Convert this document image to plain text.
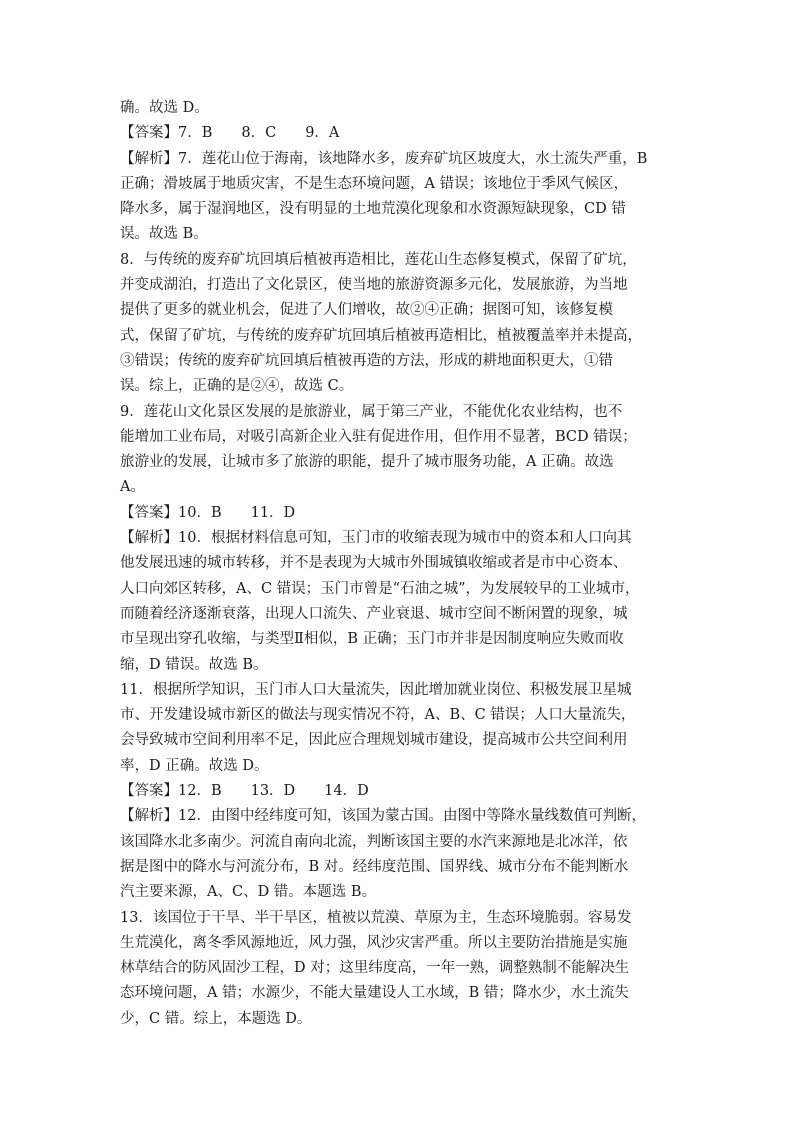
确。故选 D。
【答案】7．B　　8．C　　9．A
【解析】7．莲花山位于海南，该地降水多，废弃矿坑区坡度大，水土流失严重，B
正确；滑坡属于地质灾害，不是生态环境问题，A 错误；该地位于季风气候区，
降水多，属于湿润地区，没有明显的土地荒漠化现象和水资源短缺现象，CD 错
误。故选 B。
8．与传统的废弃矿坑回填后植被再造相比，莲花山生态修复模式，保留了矿坑，
并变成湖泊，打造出了文化景区，使当地的旅游资源多元化，发展旅游，为当地
提供了更多的就业机会，促进了人们增收，故②④正确；据图可知，该修复模
式，保留了矿坑，与传统的废弃矿坑回填后植被再造相比，植被覆盖率并未提高，
③错误；传统的废弃矿坑回填后植被再造的方法，形成的耕地面积更大，①错
误。综上，正确的是②④，故选 C。
9．莲花山文化景区发展的是旅游业，属于第三产业，不能优化农业结构，也不
能增加工业布局，对吸引高新企业入驻有促进作用，但作用不显著，BCD 错误；
旅游业的发展，让城市多了旅游的职能，提升了城市服务功能，A 正确。故选
A。
【答案】10．B　　11．D
【解析】10．根据材料信息可知，玉门市的收缩表现为城市中的资本和人口向其
他发展迅速的城市转移，并不是表现为大城市外围城镇收缩或者是市中心资本、
人口向郊区转移，A、C 错误；玉门市曾是“石油之城”，为发展较早的工业城市，
而随着经济逐渐衰落，出现人口流失、产业衰退、城市空间不断闲置的现象，城
市呈现出穿孔收缩，与类型Ⅱ相似，B 正确；玉门市并非是因制度响应失败而收
缩，D 错误。故选 B。
11．根据所学知识，玉门市人口大量流失，因此增加就业岗位、积极发展卫星城
市、开发建设城市新区的做法与现实情况不符，A、B、C 错误；人口大量流失，
会导致城市空间利用率不足，因此应合理规划城市建设，提高城市公共空间利用
率，D 正确。故选 D。
【答案】12．B　　13．D　　14．D
【解析】12．由图中经纬度可知，该国为蒙古国。由图中等降水量线数值可判断，
该国降水北多南少。河流自南向北流，判断该国主要的水汽来源地是北冰洋，依
据是图中的降水与河流分布，B 对。经纬度范围、国界线、城市分布不能判断水
汽主要来源，A、C、D 错。本题选 B。
13．该国位于干旱、半干旱区，植被以荒漠、草原为主，生态环境脆弱。容易发
生荒漠化，离冬季风源地近，风力强，风沙灾害严重。所以主要防治措施是实施
林草结合的防风固沙工程，D 对；这里纬度高，一年一熟，调整熟制不能解决生
态环境问题，A 错；水源少，不能大量建设人工水域，B 错；降水少，水土流失
少，C 错。综上，本题选 D。
